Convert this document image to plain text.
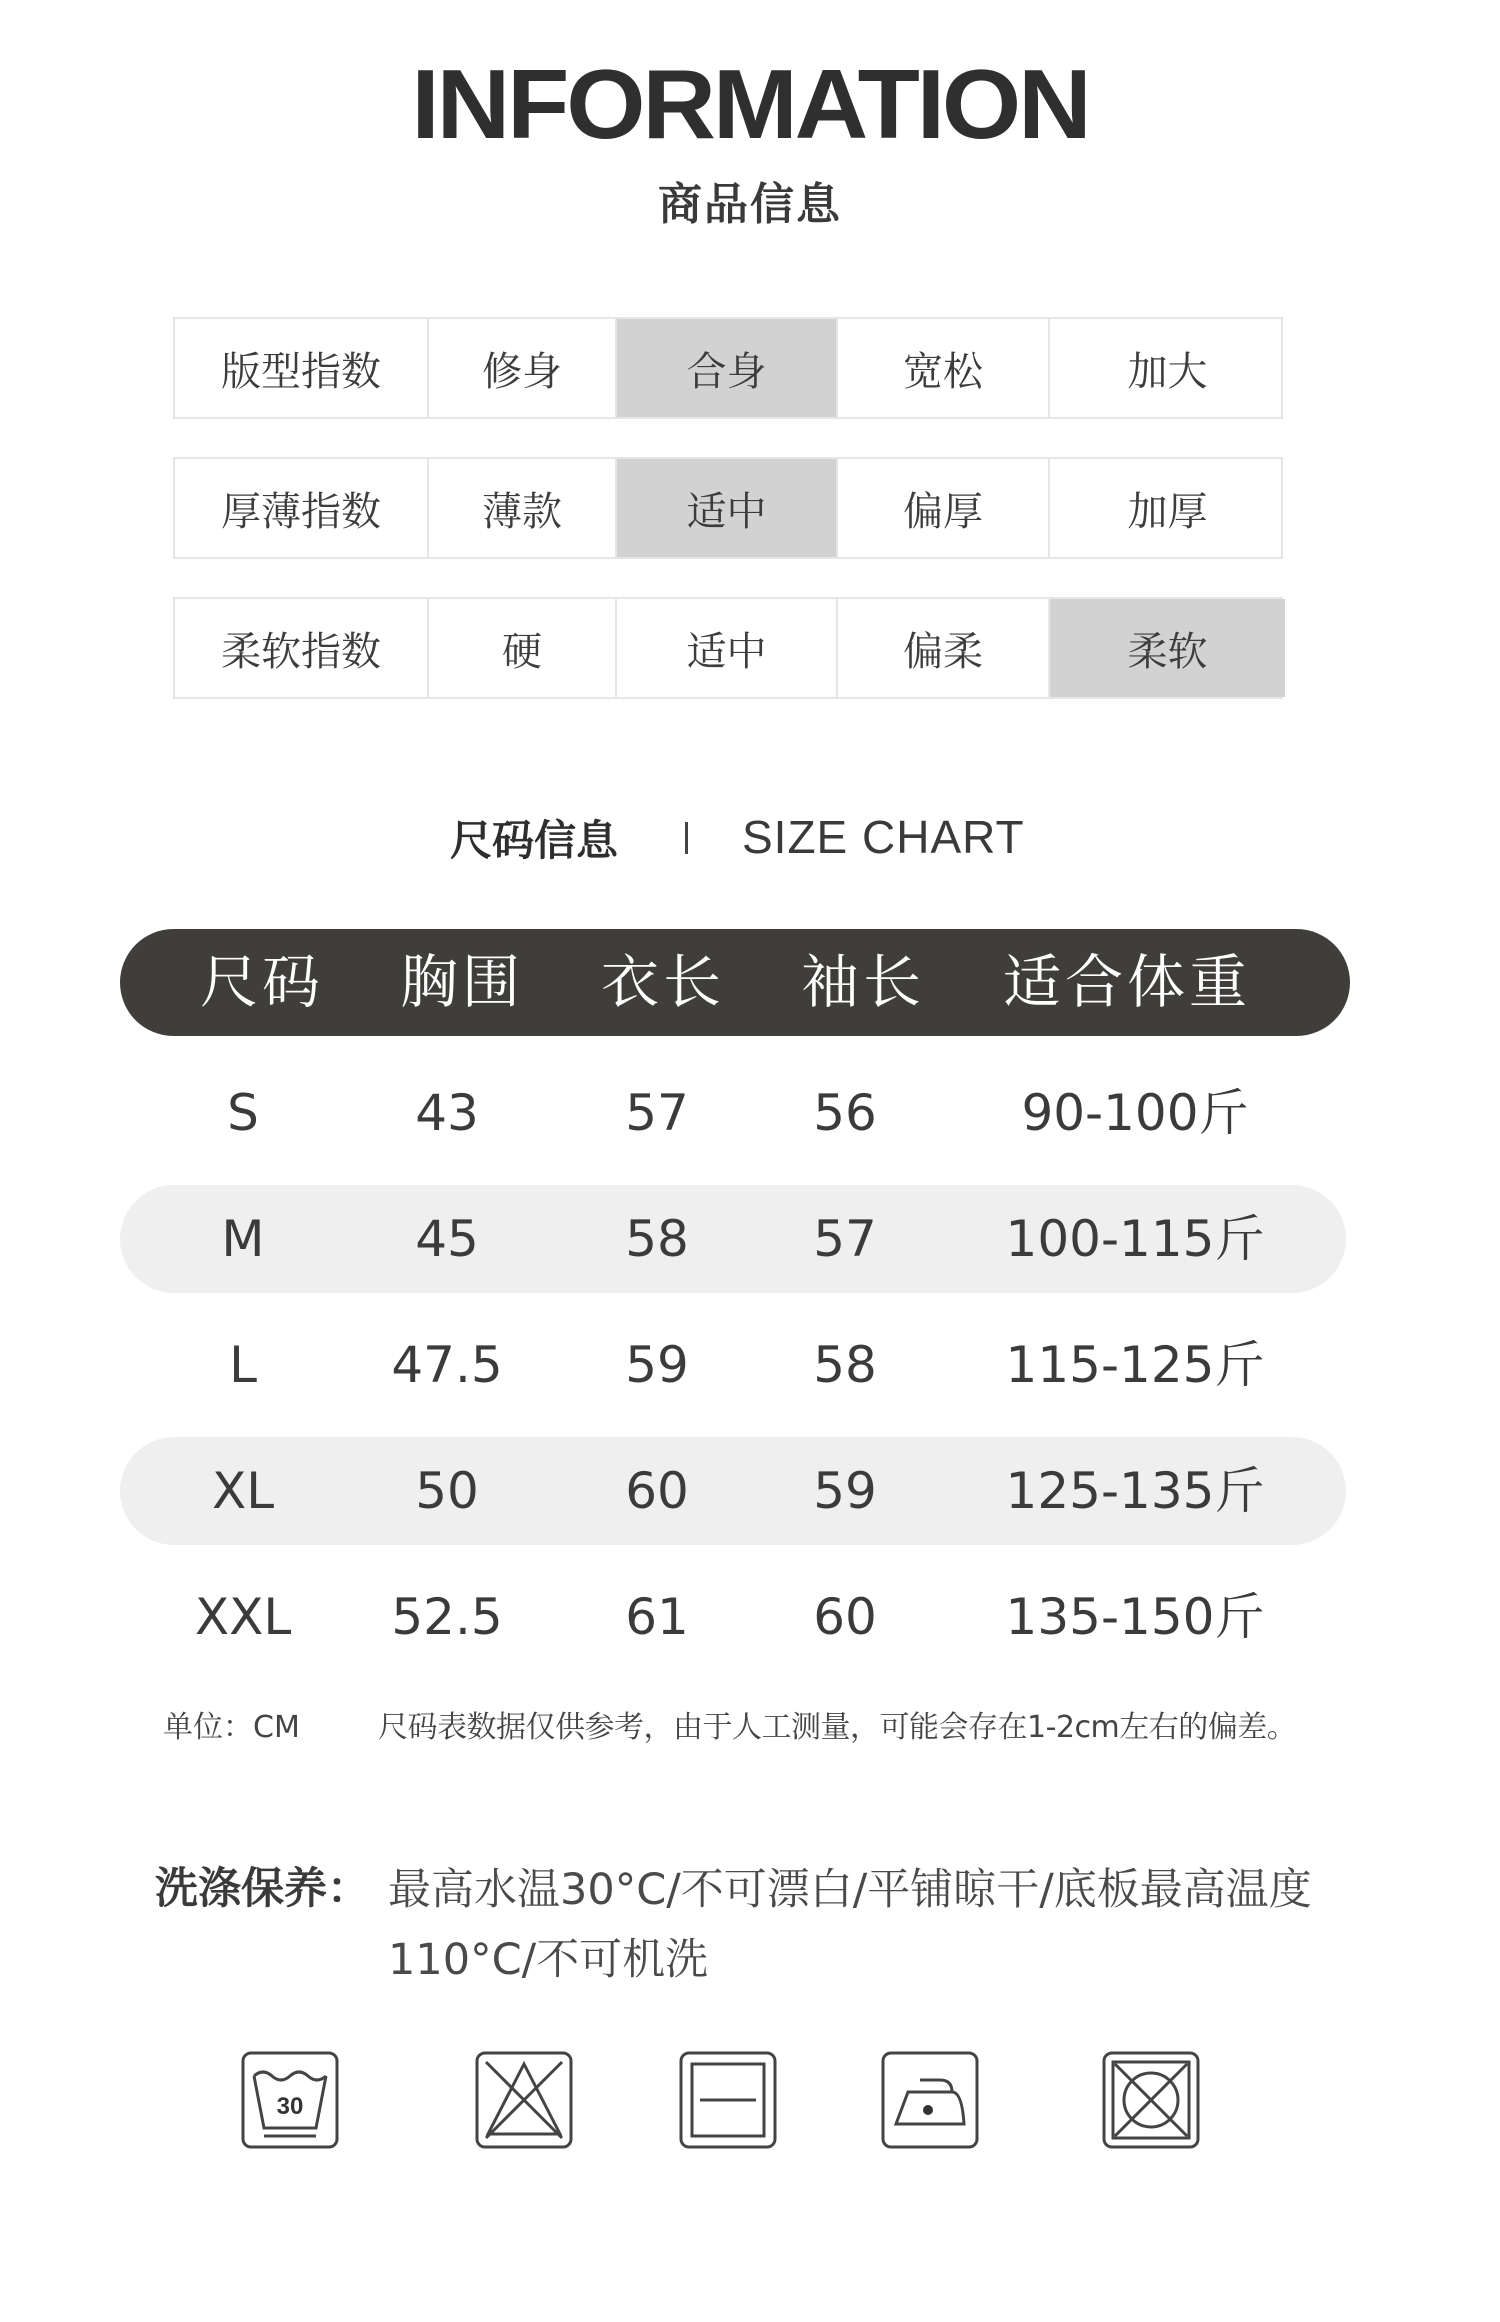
INFORMATION
商品信息
版型指数	修身	合身	宽松	加大
厚薄指数	薄款	适中	偏厚	加厚
柔软指数	硬	适中	偏柔	柔软
尺码信息	SIZE CHART
尺码 胸围 衣长 袖长 适合体重
S	43	57	56	90-100斤
M	45	58	57	100-115斤
L	47.5	59	58	115-125斤
XL	50	60	59	125-135斤
XXL	52.5	61	60	135-150斤
单位：CM	尺码表数据仅供参考，由于人工测量，可能会存在1-2cm左右的偏差。
洗涤保养： 最高水温30°C/不可漂白/平铺晾干/底板最高温度110°C/不可机洗
30
